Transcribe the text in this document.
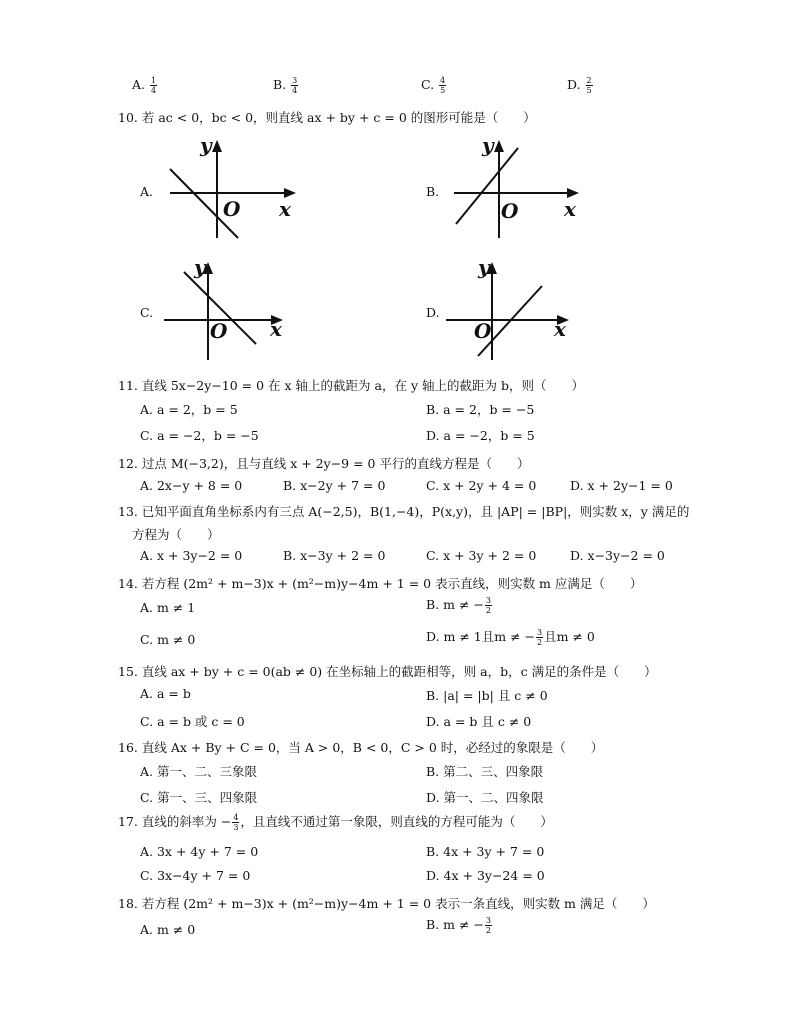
A. $\frac{1}{4}$	B. $\frac{3}{4}$	C. $\frac{4}{5}$	D. $\frac{2}{5}$
10. 若 ac < 0，bc < 0，则直线 ax + by + c = 0 的图形可能是（　　）
A.
y
x
O
B.
y
x
O
C.
y
x
O
D.
y
x
O
11. 直线 5x−2y−10 = 0 在 x 轴上的截距为 a，在 y 轴上的截距为 b，则（　　）
A. a = 2，b = 5	B. a = 2，b = −5
C. a = −2，b = −5	D. a = −2，b = 5
12. 过点 M(−3,2)，且与直线 x + 2y−9 = 0 平行的直线方程是（　　）
A. 2x−y + 8 = 0	B. x−2y + 7 = 0	C. x + 2y + 4 = 0	D. x + 2y−1 = 0
13. 已知平面直角坐标系内有三点 A(−2,5)，B(1,−4)，P(x,y)，且 |AP| = |BP|，则实数 x，y 满足的
方程为（　　）
A. x + 3y−2 = 0	B. x−3y + 2 = 0	C. x + 3y + 2 = 0	D. x−3y−2 = 0
14. 若方程 (2m² + m−3)x + (m²−m)y−4m + 1 = 0 表示直线，则实数 m 应满足（　　）
A. m ≠ 1	B. m ≠ − $\frac{3}{2}$
C. m ≠ 0	D. m ≠ 1且m ≠ − $\frac{3}{2}$ 且m ≠ 0
15. 直线 ax + by + c = 0(ab ≠ 0) 在坐标轴上的截距相等，则 a，b，c 满足的条件是（　　）
A. a = b	B. |a| = |b| 且 c ≠ 0
C. a = b 或 c = 0	D. a = b 且 c ≠ 0
16. 直线 Ax + By + C = 0，当 A > 0，B < 0，C > 0 时，必经过的象限是（　　）
A. 第一、二、三象限	B. 第二、三、四象限
C. 第一、三、四象限	D. 第一、二、四象限
17. 直线的斜率为 − $\frac{4}{3}$ ，且直线不通过第一象限，则直线的方程可能为（　　）
A. 3x + 4y + 7 = 0	B. 4x + 3y + 7 = 0
C. 3x−4y + 7 = 0	D. 4x + 3y−24 = 0
18. 若方程 (2m² + m−3)x + (m²−m)y−4m + 1 = 0 表示一条直线，则实数 m 满足（　　）
A. m ≠ 0	B. m ≠ − $\frac{3}{2}$
